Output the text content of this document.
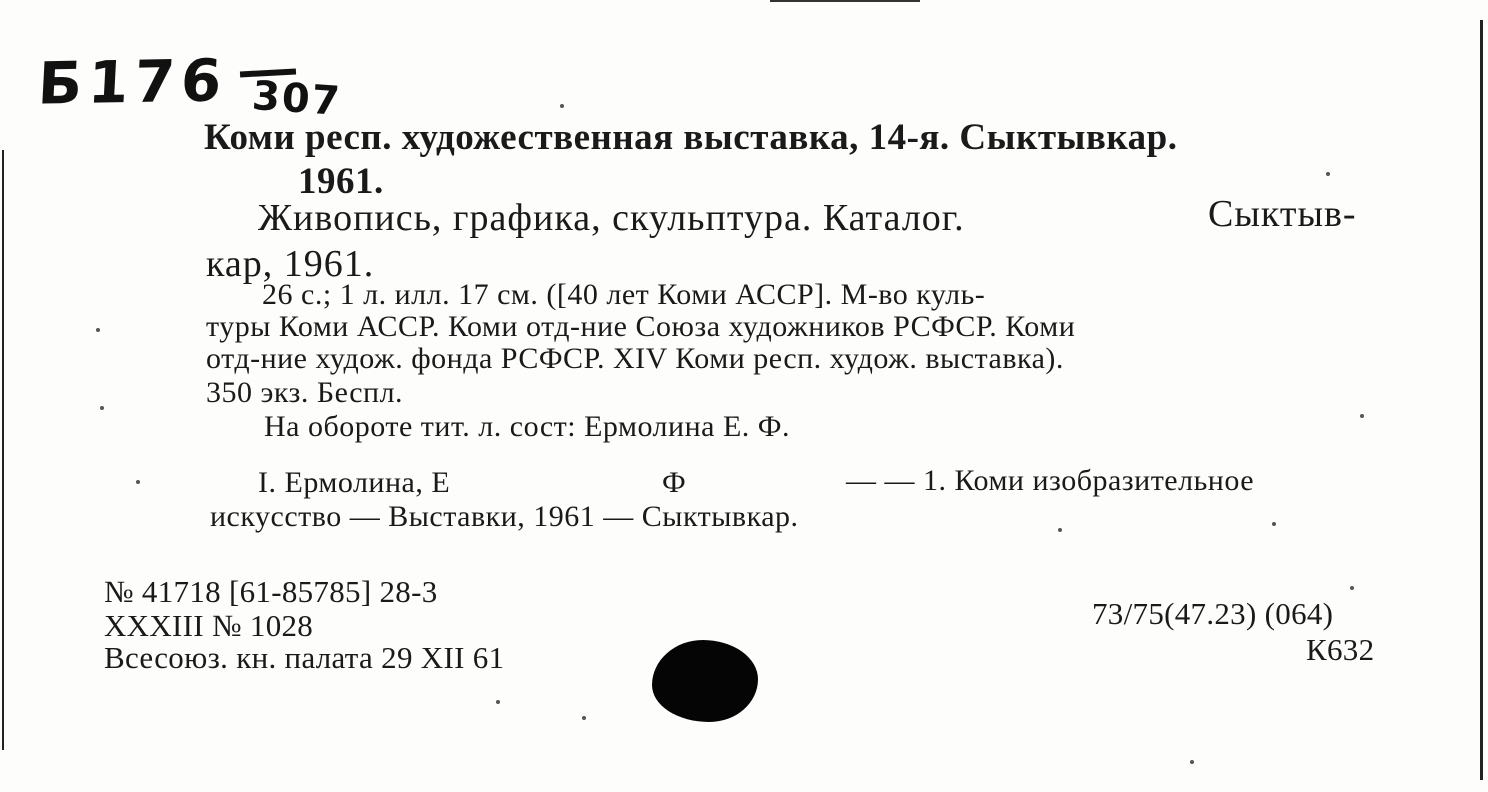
Б176 307
Коми респ. художественная выставка, 14-я. Сыктывкар.
1961.
Живопись, графика, скульптура. Каталог.	Сыктыв-
кар, 1961.
26 с.; 1 л. илл. 17 см. ([40 лет Коми АССР]. М-во куль-
туры Коми АССР. Коми отд-ние Союза художников РСФСР. Коми
отд-ние худож. фонда РСФСР. XIV Коми респ. худож. выставка).
350 экз. Беспл.
На обороте тит. л. сост: Ермолина Е. Ф.
I. Ермолина, Е	Ф	— — 1. Коми изобразительное
искусство — Выставки, 1961 — Сыктывкар.
№ 41718 [61-85785] 28-3
XXXIII № 1028
Всесоюз. кн. палата 29 XII 61
73/75(47.23) (064)
К632
